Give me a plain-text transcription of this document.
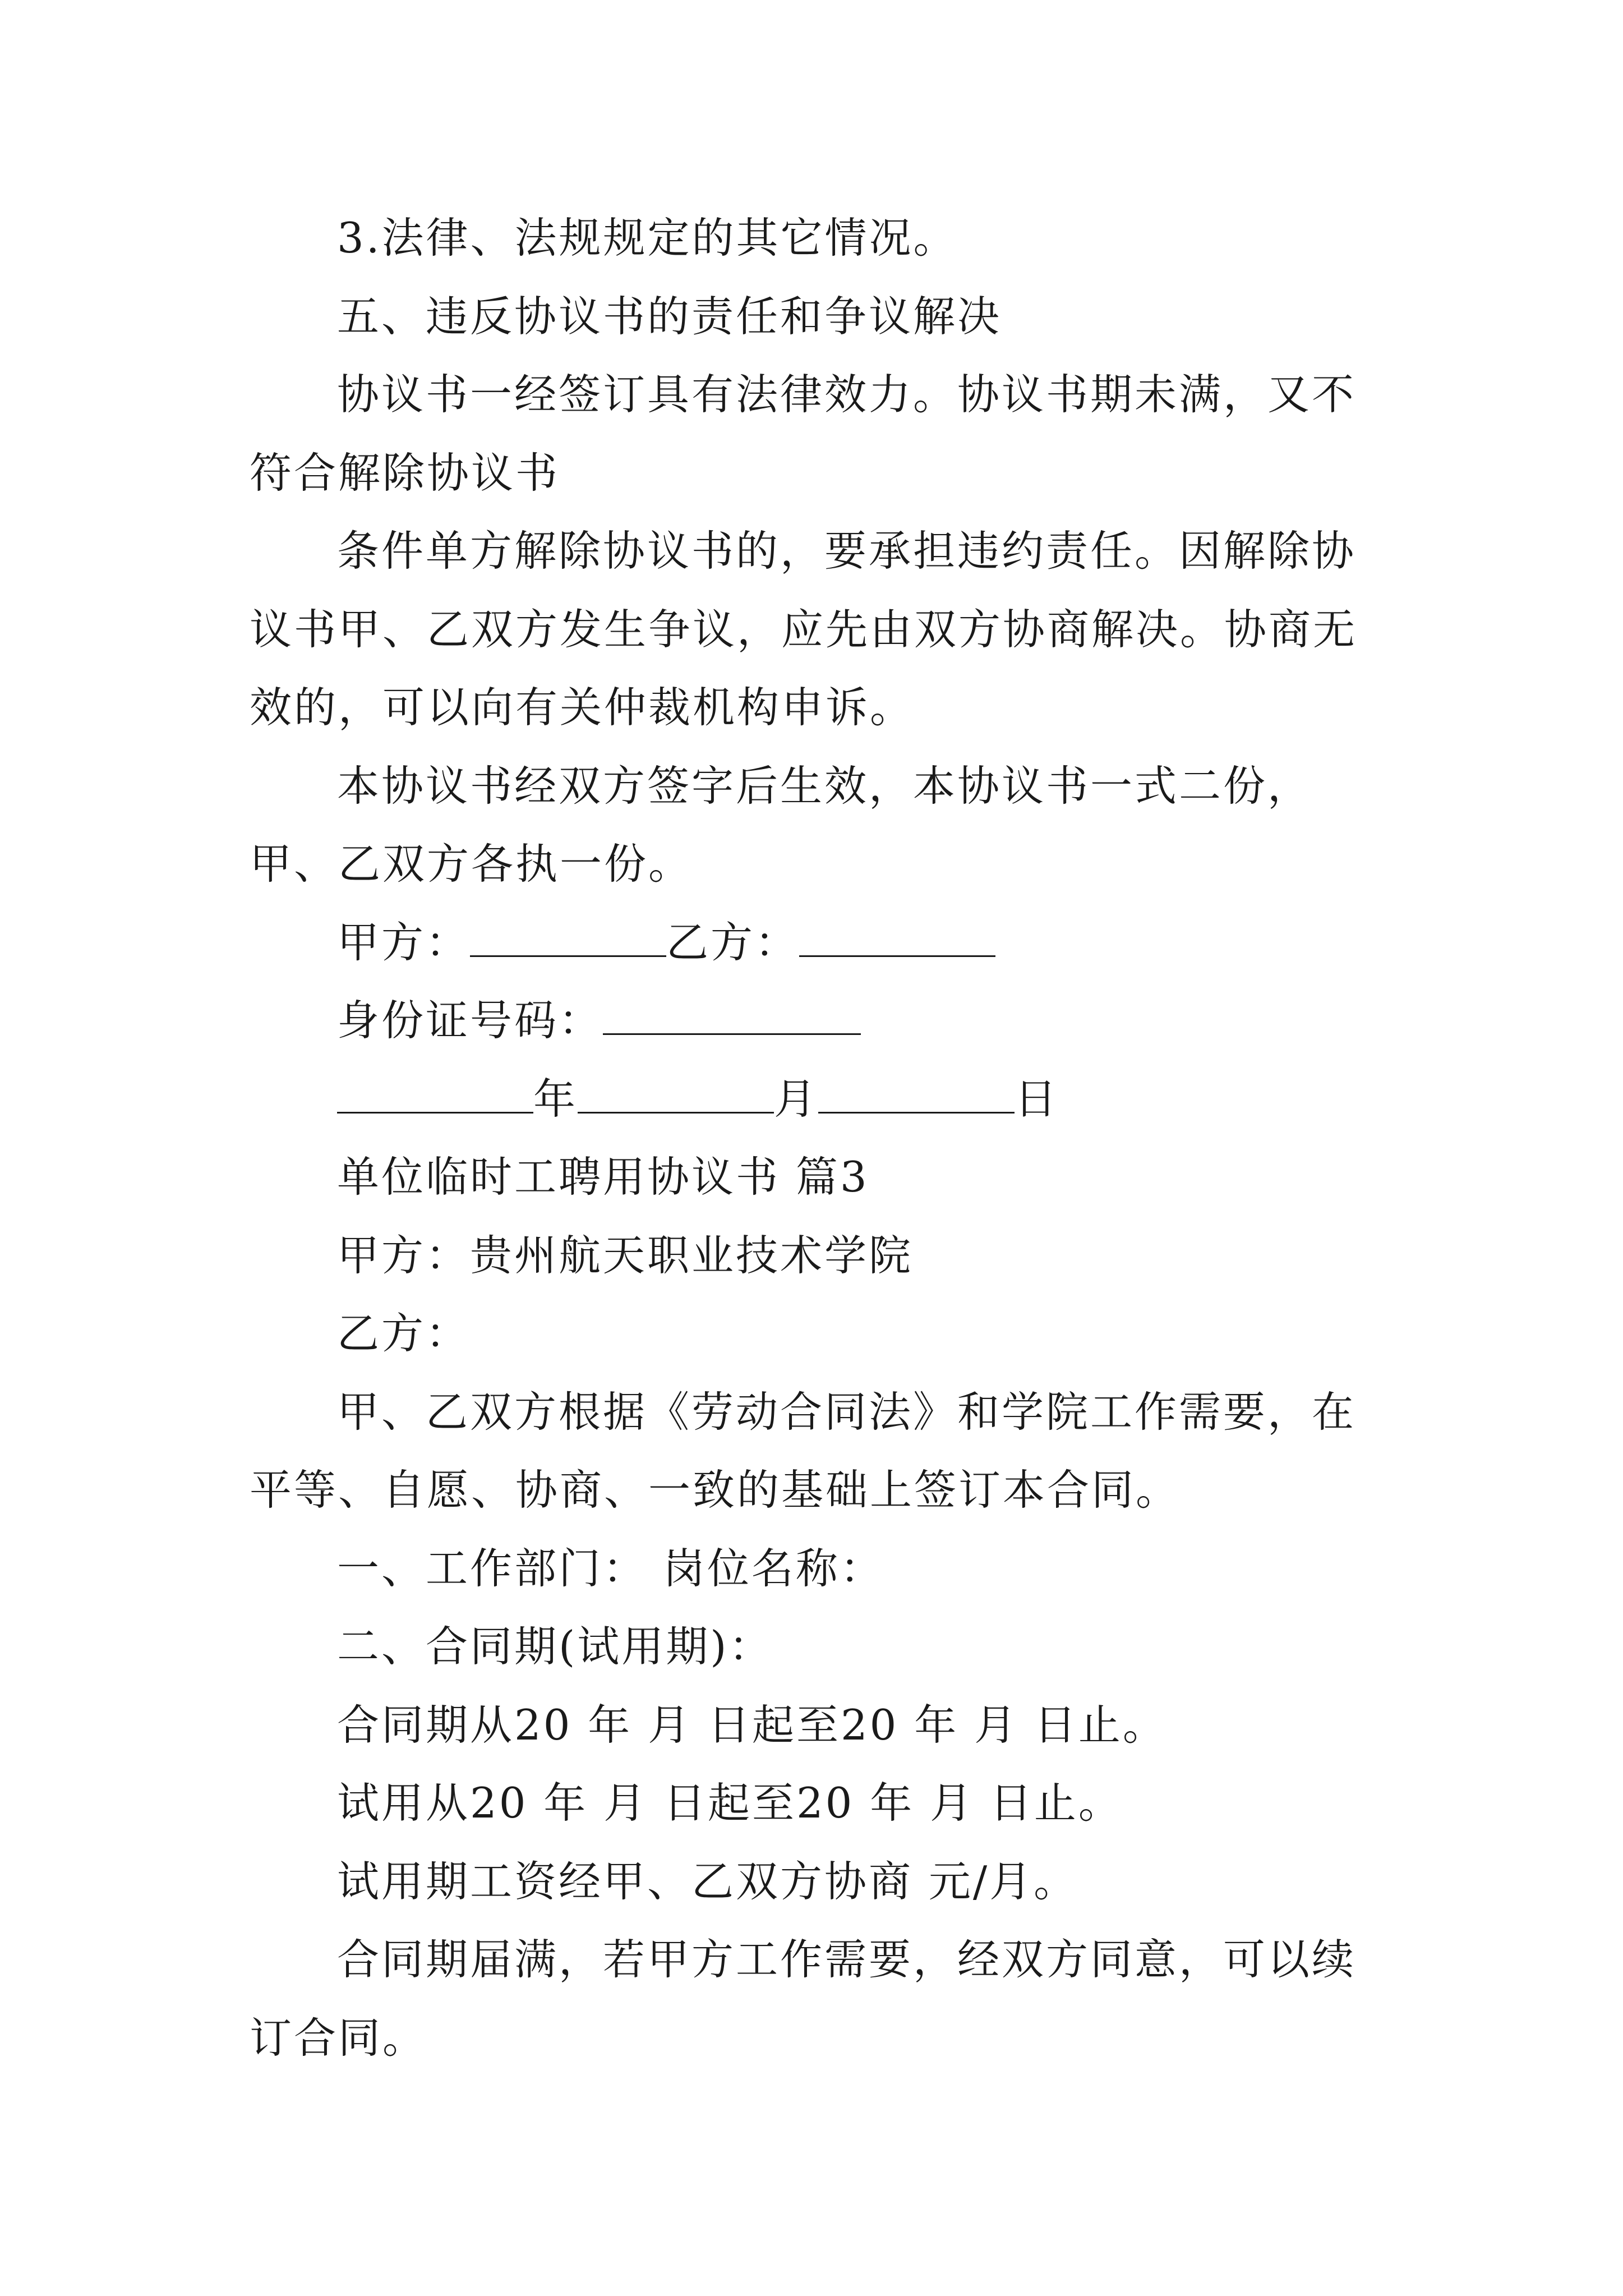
3.法律、法规规定的其它情况。

五、违反协议书的责任和争议解决

协议书一经签订具有法律效力。协议书期未满，又不符合解除协议书

条件单方解除协议书的，要承担违约责任。因解除协议书甲、乙双方发生争议，应先由双方协商解决。协商无效的，可以向有关仲裁机构申诉。

本协议书经双方签字后生效，本协议书一式二份，甲、乙双方各执一份。

甲方：	乙方：

身份证号码：

年	月	日

单位临时工聘用协议书 篇3

甲方：贵州航天职业技术学院

乙方：

甲、乙双方根据《劳动合同法》和学院工作需要，在平等、自愿、协商、一致的基础上签订本合同。

一、工作部门： 岗位名称：

二、合同期(试用期)：

合同期从20 年 月 日起至20 年 月 日止。

试用从20 年 月 日起至20 年 月 日止。

试用期工资经甲、乙双方协商 元/月。

合同期届满，若甲方工作需要，经双方同意，可以续订合同。
